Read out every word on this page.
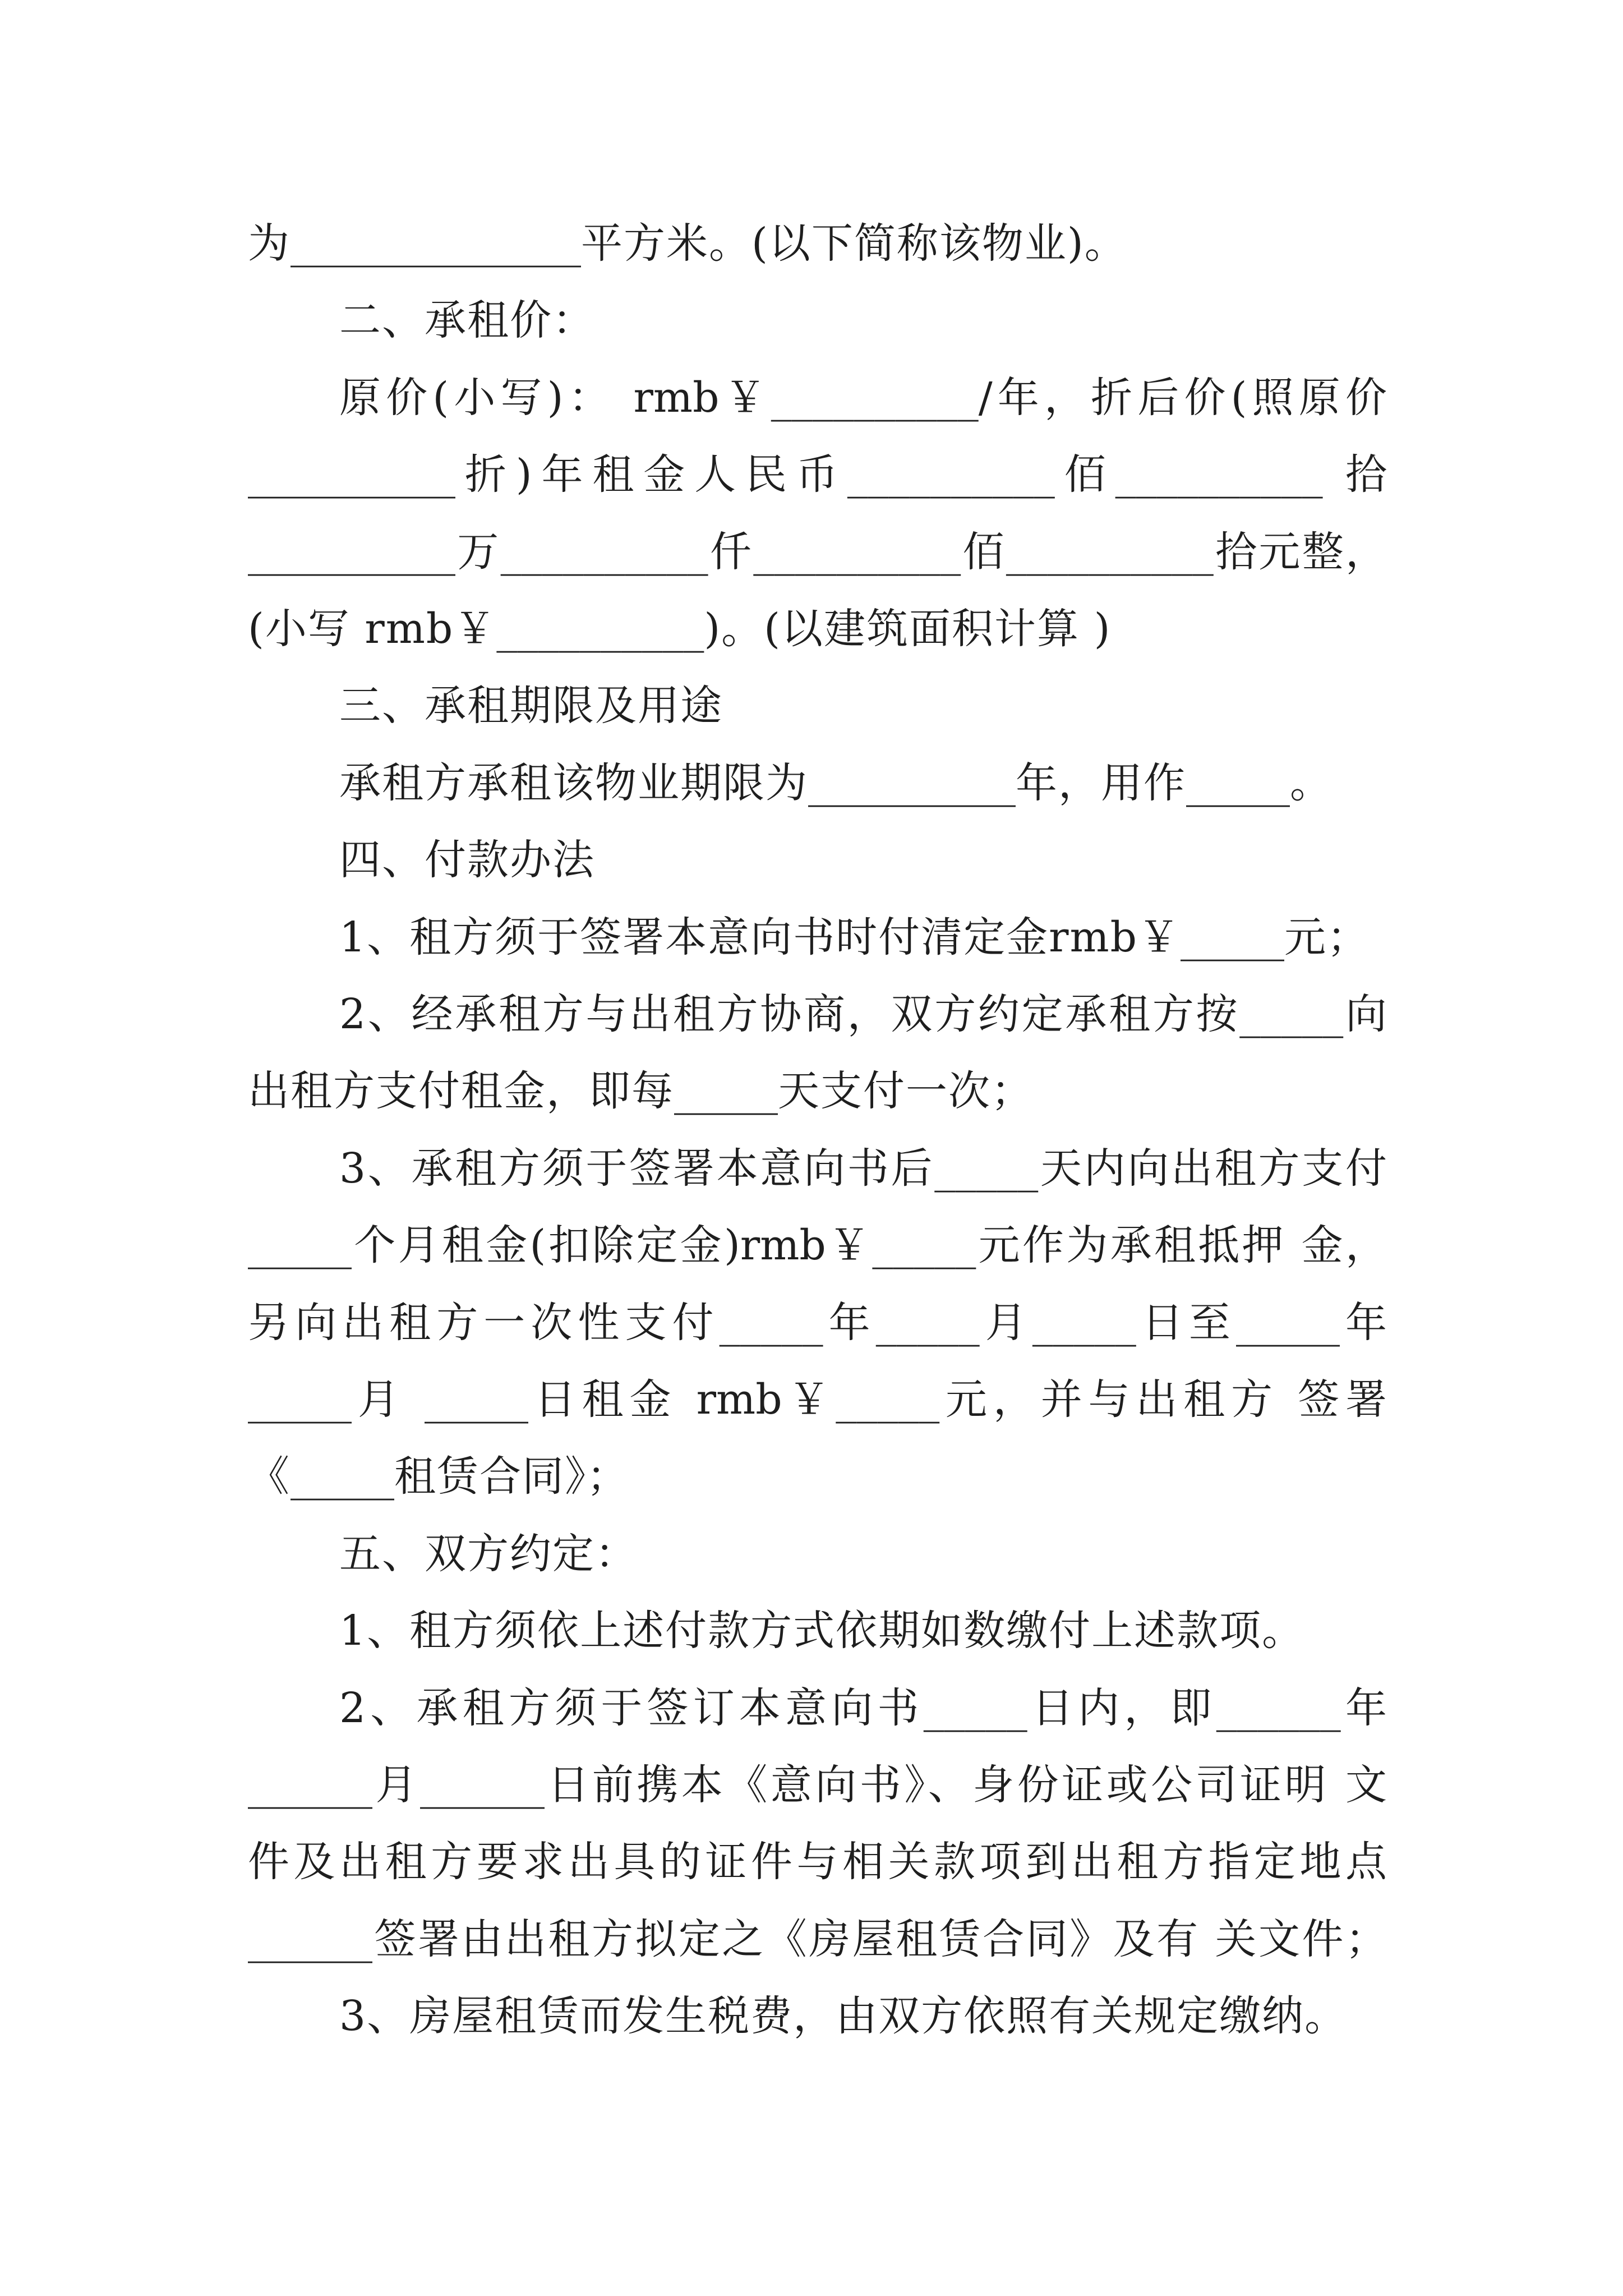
为______________平方米。(以下简称该物业)。
二、承租价：
原价(小写)： rmb￥__________/年，折后价(照原价
__________折)年租金人民币__________佰__________ 拾
__________万__________仟__________佰__________拾元整，
(小写 rmb￥__________)。(以建筑面积计算 )
三、承租期限及用途
承租方承租该物业期限为__________年，用作_____。
四、付款办法
1、租方须于签署本意向书时付清定金rmb￥_____元；
2、经承租方与出租方协商，双方约定承租方按_____向
出租方支付租金，即每_____天支付一次；
3、承租方须于签署本意向书后_____天内向出租方支付
_____个月租金(扣除定金)rmb￥_____元作为承租抵押 金，
另向出租方一次性支付_____年_____月_____日至_____年
_____月 _____日租金 rmb￥_____元，并与出租方 签署
《_____租赁合同》；
五、双方约定：
1、租方须依上述付款方式依期如数缴付上述款项。
2、承租方须于签订本意向书_____日内，即______年
______月______日前携本《意向书》、身份证或公司证明 文
件及出租方要求出具的证件与相关款项到出租方指定地点
______签署由出租方拟定之《房屋租赁合同》及有 关文件；
3、房屋租赁而发生税费，由双方依照有关规定缴纳。
